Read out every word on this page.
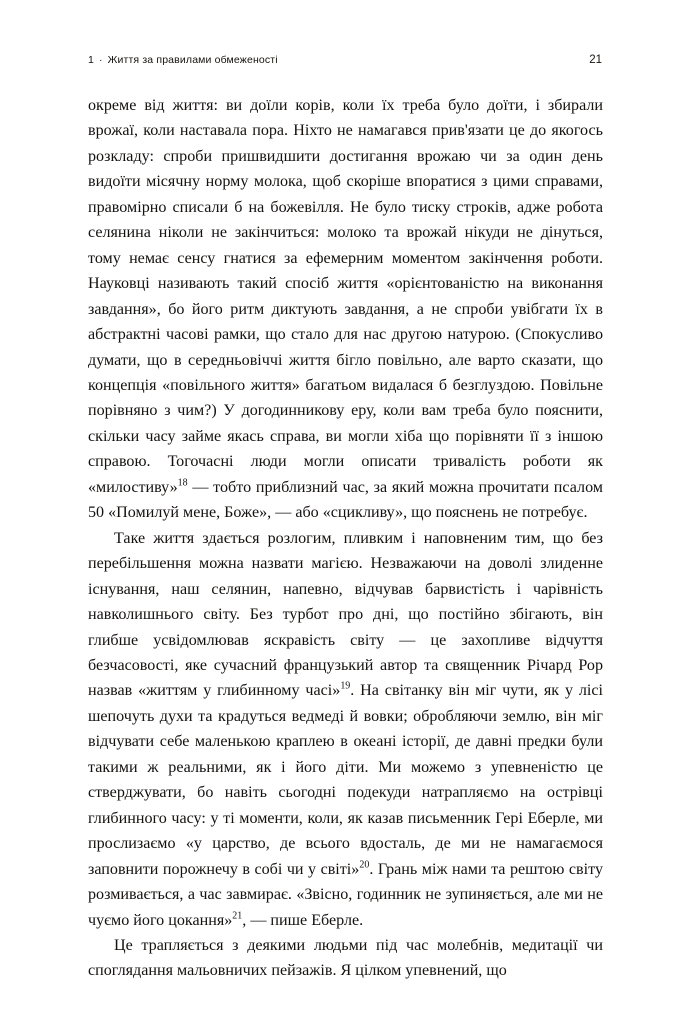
1 · Життя за правилами обмеженості	21

окреме від життя: ви доїли корів, коли їх треба було доїти, і збирали врожаї, коли наставала пора. Ніхто не намагався прив'язати це до якогось розкладу: спроби пришвидшити достигання врожаю чи за один день видоїти місячну норму молока, щоб скоріше впоратися з цими справами, правомірно списали б на божевілля. Не було тиску строків, адже робота селянина ніколи не закінчиться: молоко та врожай нікуди не дінуться, тому немає сенсу гнатися за ефемерним моментом закінчення роботи. Науковці називають такий спосіб життя «орієнтованістю на виконання завдання», бо його ритм диктують завдання, а не спроби увібгати їх в абстрактні часові рамки, що стало для нас другою натурою. (Спокусливо думати, що в середньовіччі життя бігло повільно, але варто сказати, що концепція «повільного життя» багатьом видалася б безглуздою. Повільне порівняно з чим?) У догодинникову еру, коли вам треба було пояснити, скільки часу займе якась справа, ви могли хіба що порівняти її з іншою справою. Тогочасні люди могли описати тривалість роботи як «милостиву»$^{18}$ — тобто приблизний час, за який можна прочитати псалом 50 «Помилуй мене, Боже», — або «сцикливу», що пояснень не потребує.

Таке життя здається розлогим, пливким і наповненим тим, що без перебільшення можна назвати магією. Незважаючи на доволі злиденне існування, наш селянин, напевно, відчував барвистість і чарівність навколишнього світу. Без турбот про дні, що постійно збігають, він глибше усвідомлював яскравість світу — це захопливе відчуття безчасовості, яке сучасний французький автор та священник Річард Рор назвав «життям у глибинному часі»$^{19}$. На світанку він міг чути, як у лісі шепочуть духи та крадуться ведмеді й вовки; обробляючи землю, він міг відчувати себе маленькою краплею в океані історії, де давні предки були такими ж реальними, як і його діти. Ми можемо з упевненістю це стверджувати, бо навіть сьогодні подекуди натрапляємо на острівці глибинного часу: у ті моменти, коли, як казав письменник Гері Еберле, ми прослизаємо «у царство, де всього вдосталь, де ми не намагаємося заповнити порожнечу в собі чи у світі»$^{20}$. Грань між нами та рештою світу розмивається, а час завмирає. «Звісно, годинник не зупиняється, але ми не чуємо його цокання»$^{21}$, — пише Еберле.

Це трапляється з деякими людьми під час молебнів, медитації чи споглядання мальовничих пейзажів. Я цілком упевнений, що
